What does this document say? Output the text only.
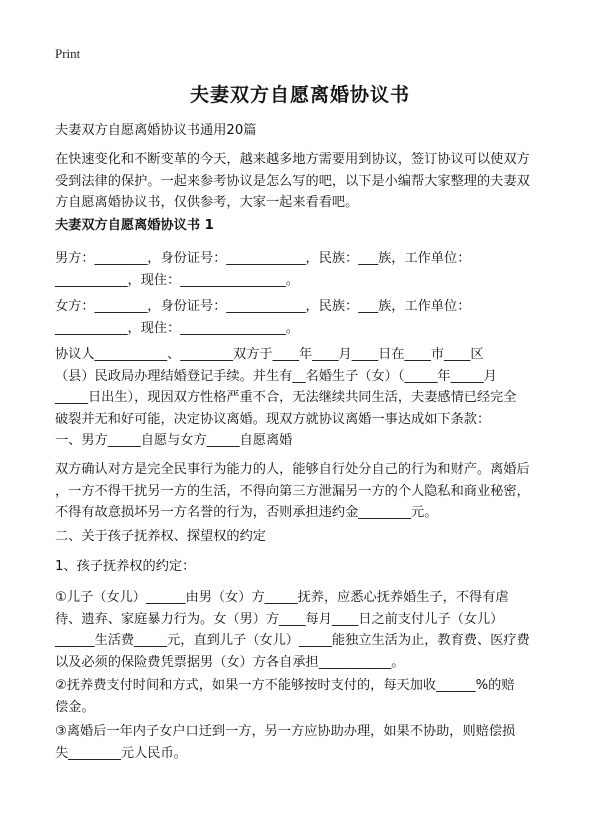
Print
夫妻双方自愿离婚协议书
夫妻双方自愿离婚协议书通用20篇
在快速变化和不断变革的今天，越来越多地方需要用到协议，签订协议可以使双方
受到法律的保护。一起来参考协议是怎么写的吧，以下是小编帮大家整理的夫妻双
方自愿离婚协议书，仅供参考，大家一起来看看吧。
夫妻双方自愿离婚协议书 1
男方：________，身份证号：____________，民族：___族，工作单位：
___________，现住：________________。
女方：________，身份证号：____________，民族：___族，工作单位：
___________，现住：________________。
协议人___________、________双方于____年____月____日在____市____区
（县）民政局办理结婚登记手续。并生有__名婚生子（女）（_____年_____月
_____日出生），现因双方性格严重不合，无法继续共同生活，夫妻感情已经完全
破裂并无和好可能，决定协议离婚。现双方就协议离婚一事达成如下条款：
一、男方_____自愿与女方_____自愿离婚
双方确认对方是完全民事行为能力的人，能够自行处分自己的行为和财产。离婚后
，一方不得干扰另一方的生活，不得向第三方泄漏另一方的个人隐私和商业秘密，
不得有故意损坏另一方名誉的行为，否则承担违约金________元。
二、关于孩子抚养权、探望权的约定
1、孩子抚养权的约定：
①儿子（女儿）______由男（女）方_____抚养，应悉心抚养婚生子，不得有虐
待、遗弃、家庭暴力行为。女（男）方____每月____日之前支付儿子（女儿）
______生活费_____元，直到儿子（女儿）_____能独立生活为止，教育费、医疗费
以及必须的保险费凭票据男（女）方各自承担___________。
②抚养费支付时间和方式，如果一方不能够按时支付的，每天加收______%的赔
偿金。
③离婚后一年内子女户口迁到一方，另一方应协助办理，如果不协助，则赔偿损
失________元人民币。
